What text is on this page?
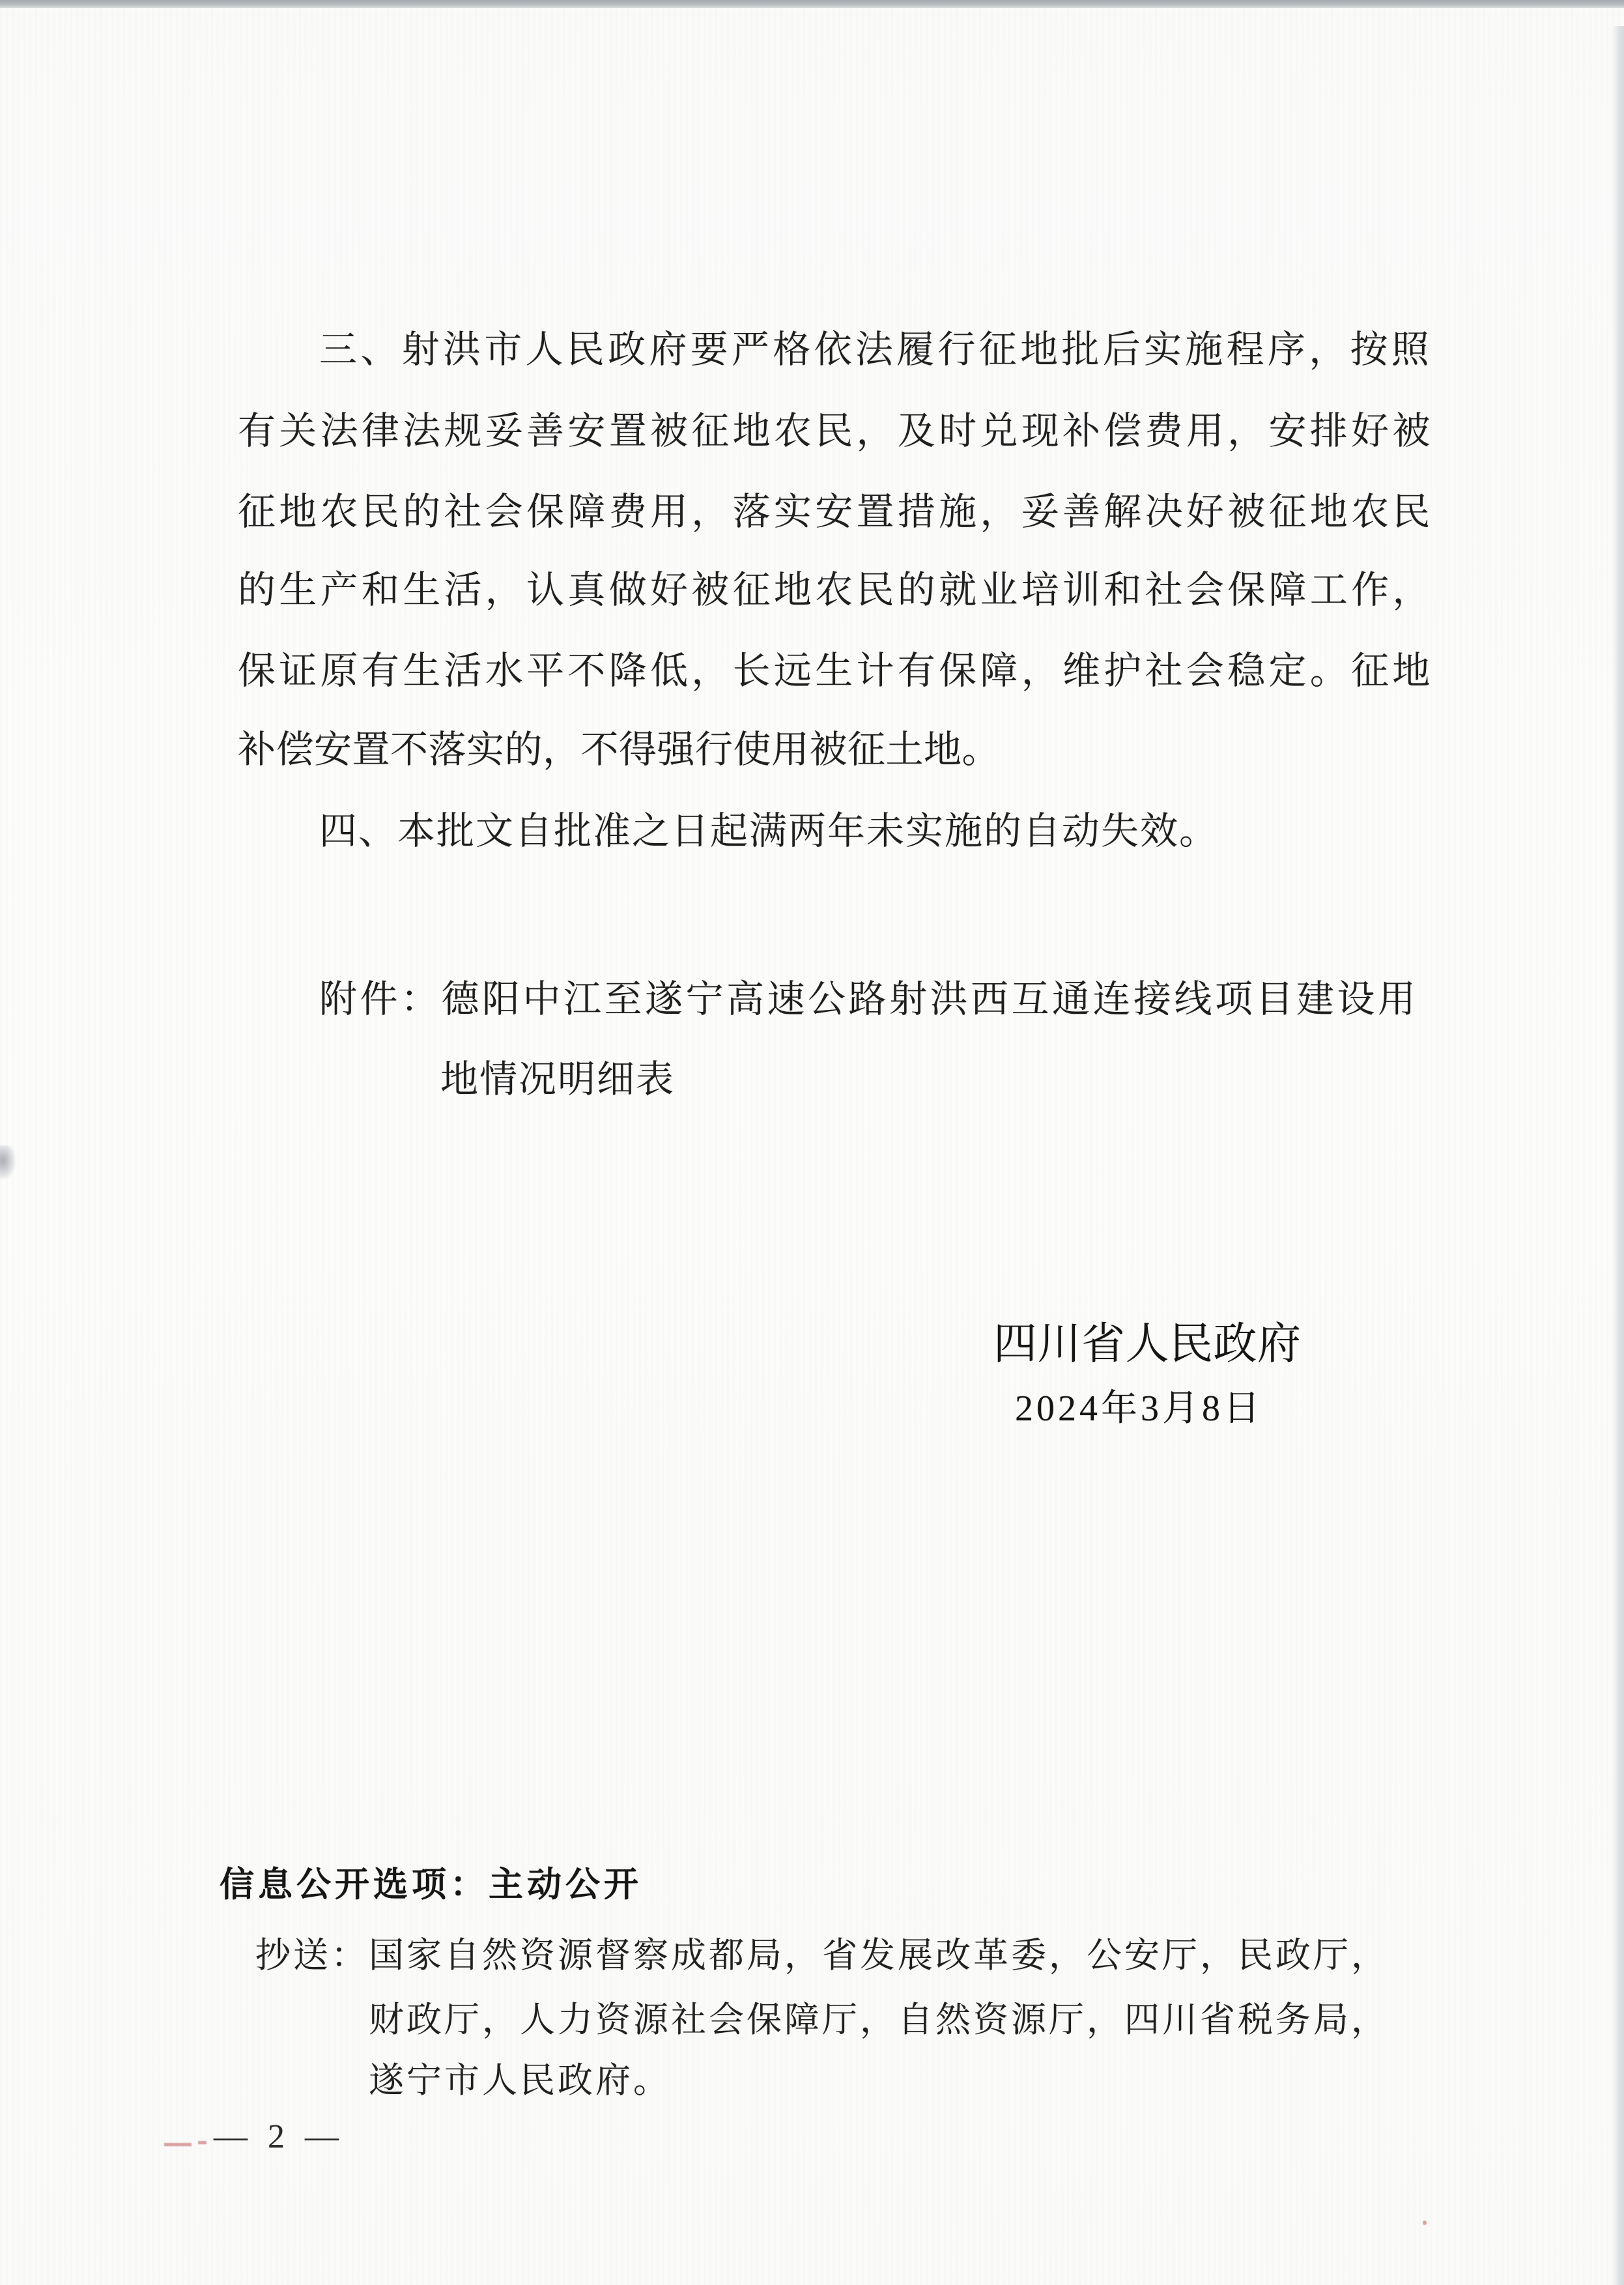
三、射洪市人民政府要严格依法履行征地批后实施程序，按照
有关法律法规妥善安置被征地农民，及时兑现补偿费用，安排好被
征地农民的社会保障费用，落实安置措施，妥善解决好被征地农民
的生产和生活，认真做好被征地农民的就业培训和社会保障工作，
保证原有生活水平不降低，长远生计有保障，维护社会稳定。征地
补偿安置不落实的，不得强行使用被征土地。
四、本批文自批准之日起满两年未实施的自动失效。
附件：德阳中江至遂宁高速公路射洪西互通连接线项目建设用
地情况明细表
四川省人民政府
2024年3月8日
信息公开选项：主动公开
抄送：国家自然资源督察成都局，省发展改革委，公安厅，民政厅，
财政厅，人力资源社会保障厅，自然资源厅，四川省税务局，
遂宁市人民政府。
— 2 —
